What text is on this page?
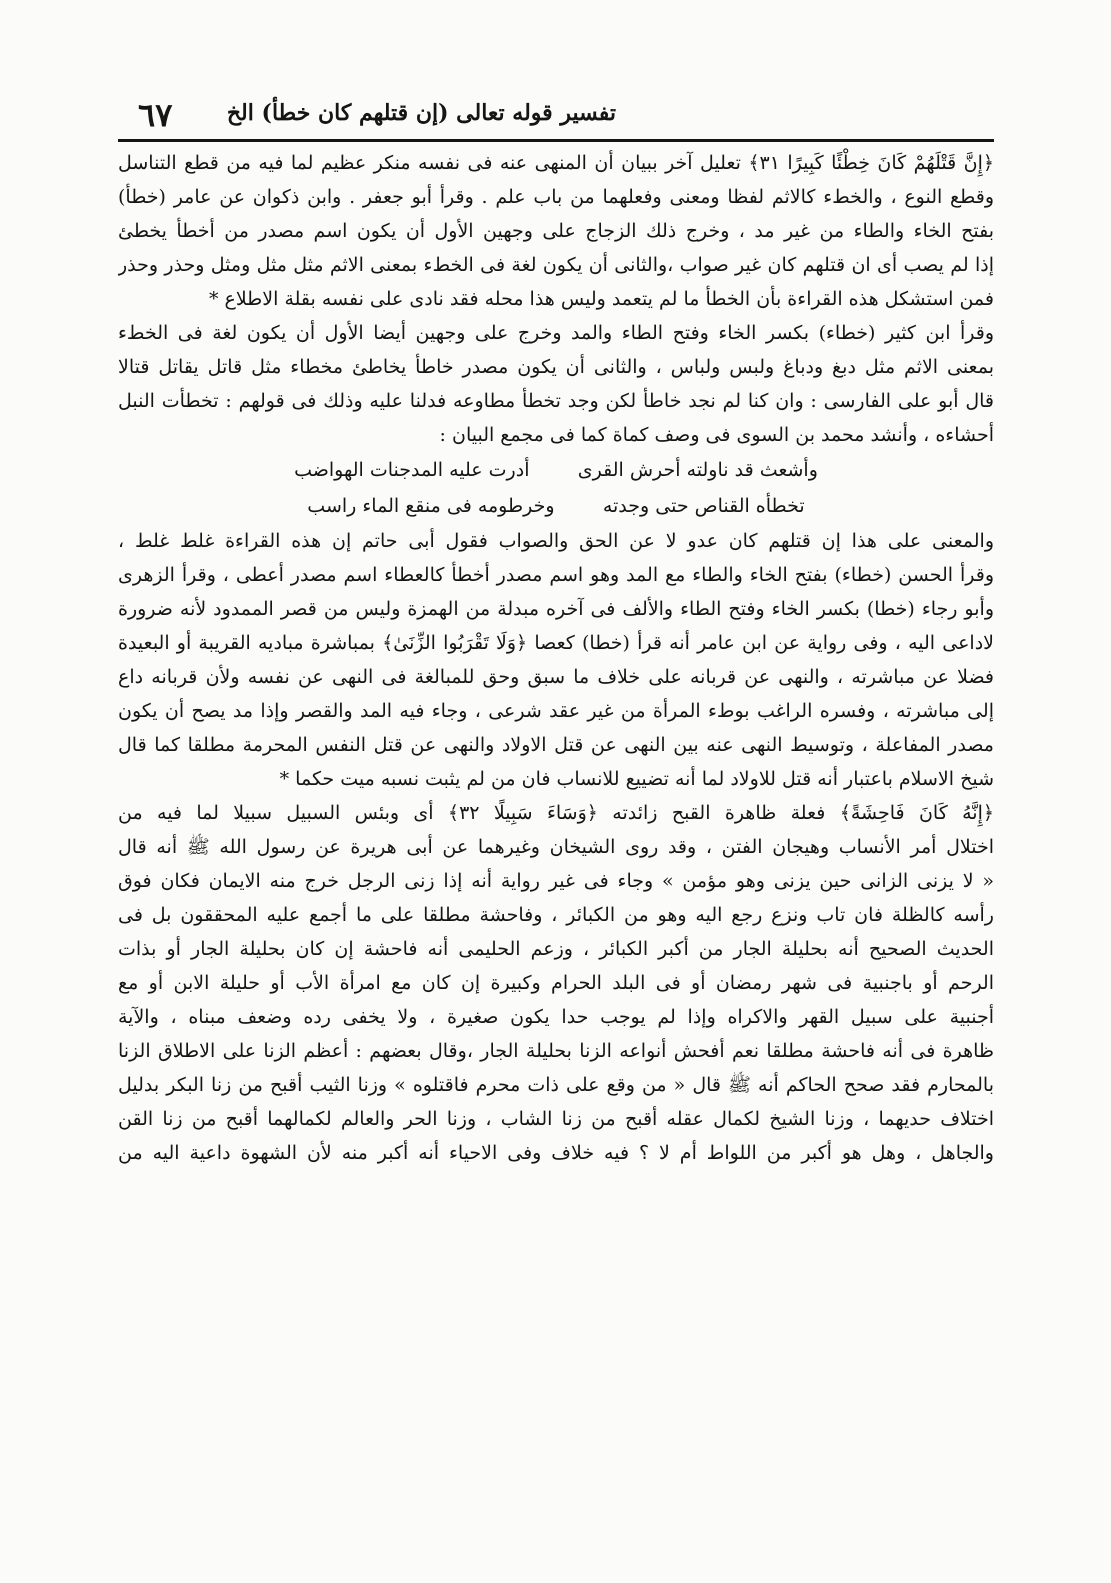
٦٧ تفسير قوله تعالى (إن قتلهم كان خطأ) الخ
﴿إِنَّ قَتْلَهُمْ كَانَ خِطْئًا كَبِيرًا ٣١﴾ تعليل آخر ببيان أن المنهى عنه فى نفسه منكر عظيم لما فيه من قطع التناسل
وقطع النوع ، والخطء كالاثم لفظا ومعنى وفعلهما من باب علم . وقرأ أبو جعفر . وابن ذكوان عن عامر (خطأ)
بفتح الخاء والطاء من غير مد ، وخرج ذلك الزجاج على وجهين الأول أن يكون اسم مصدر من أخطأ يخطئ
إذا لم يصب أى ان قتلهم كان غير صواب ،والثانى أن يكون لغة فى الخطء بمعنى الاثم مثل مثل ومثل وحذر وحذر
فمن استشكل هذه القراءة بأن الخطأ ما لم يتعمد وليس هذا محله فقد نادى على نفسه بقلة الاطلاع *
وقرأ ابن كثير (خطاء) بكسر الخاء وفتح الطاء والمد وخرج على وجهين أيضا الأول أن يكون لغة فى الخطء
بمعنى الاثم مثل دبغ ودباغ ولبس ولباس ، والثانى أن يكون مصدر خاطأ يخاطئ مخطاء مثل قاتل يقاتل قتالا
قال أبو على الفارسى : وان كنا لم نجد خاطأ لكن وجد تخطأ مطاوعه فدلنا عليه وذلك فى قولهم : تخطأت النبل
أحشاءه ، وأنشد محمد بن السوى فى وصف كماة كما فى مجمع البيان :
وأشعث قد ناولته أحرش القرى        أدرت عليه المدجنات الهواضب
تخطأه القناص حتى وجدته        وخرطومه فى منقع الماء راسب
والمعنى على هذا إن قتلهم كان عدو لا عن الحق والصواب فقول أبى حاتم إن هذه القراءة غلط غلط ،
وقرأ الحسن (خطاء) بفتح الخاء والطاء مع المد وهو اسم مصدر أخطأ كالعطاء اسم مصدر أعطى ، وقرأ الزهرى
وأبو رجاء (خطا) بكسر الخاء وفتح الطاء والألف فى آخره مبدلة من الهمزة وليس من قصر الممدود لأنه ضرورة
لاداعى اليه ، وفى رواية عن ابن عامر أنه قرأ (خطا) كعصا ﴿وَلَا تَقْرَبُوا الزِّنَىٰ﴾ بمباشرة مباديه القريبة أو البعيدة
فضلا عن مباشرته ، والنهى عن قربانه على خلاف ما سبق وحق للمبالغة فى النهى عن نفسه ولأن قربانه داع
إلى مباشرته ، وفسره الراغب بوطء المرأة من غير عقد شرعى ، وجاء فيه المد والقصر وإذا مد يصح أن يكون
مصدر المفاعلة ، وتوسيط النهى عنه بين النهى عن قتل الاولاد والنهى عن قتل النفس المحرمة مطلقا كما قال
شيخ الاسلام باعتبار أنه قتل للاولاد لما أنه تضييع للانساب فان من لم يثبت نسبه ميت حكما *
﴿إِنَّهُ كَانَ فَاحِشَةً﴾ فعلة ظاهرة القبح زائدته ﴿وَسَاءَ سَبِيلًا ٣٢﴾ أى وبئس السبيل سبيلا لما فيه من
اختلال أمر الأنساب وهيجان الفتن ، وقد روى الشيخان وغيرهما عن أبى هريرة عن رسول الله ﷺ أنه قال
« لا يزنى الزانى حين يزنى وهو مؤمن » وجاء فى غير رواية أنه إذا زنى الرجل خرج منه الايمان فكان فوق
رأسه كالظلة فان تاب ونزع رجع اليه وهو من الكبائر ، وفاحشة مطلقا على ما أجمع عليه المحققون بل فى
الحديث الصحيح أنه بحليلة الجار من أكبر الكبائر ، وزعم الحليمى أنه فاحشة إن كان بحليلة الجار أو بذات
الرحم أو باجنبية فى شهر رمضان أو فى البلد الحرام وكبيرة إن كان مع امرأة الأب أو حليلة الابن أو مع
أجنبية على سبيل القهر والاكراه وإذا لم يوجب حدا يكون صغيرة ، ولا يخفى رده وضعف مبناه ، والآية
ظاهرة فى أنه فاحشة مطلقا نعم أفحش أنواعه الزنا بحليلة الجار ،وقال بعضهم : أعظم الزنا على الاطلاق الزنا
بالمحارم فقد صحح الحاكم أنه ﷺ قال « من وقع على ذات محرم فاقتلوه » وزنا الثيب أقبح من زنا البكر بدليل
اختلاف حديهما ، وزنا الشيخ لكمال عقله أقبح من زنا الشاب ، وزنا الحر والعالم لكمالهما أقبح من زنا القن
والجاهل ، وهل هو أكبر من اللواط أم لا ؟ فيه خلاف وفى الاحياء أنه أكبر منه لأن الشهوة داعية اليه من
